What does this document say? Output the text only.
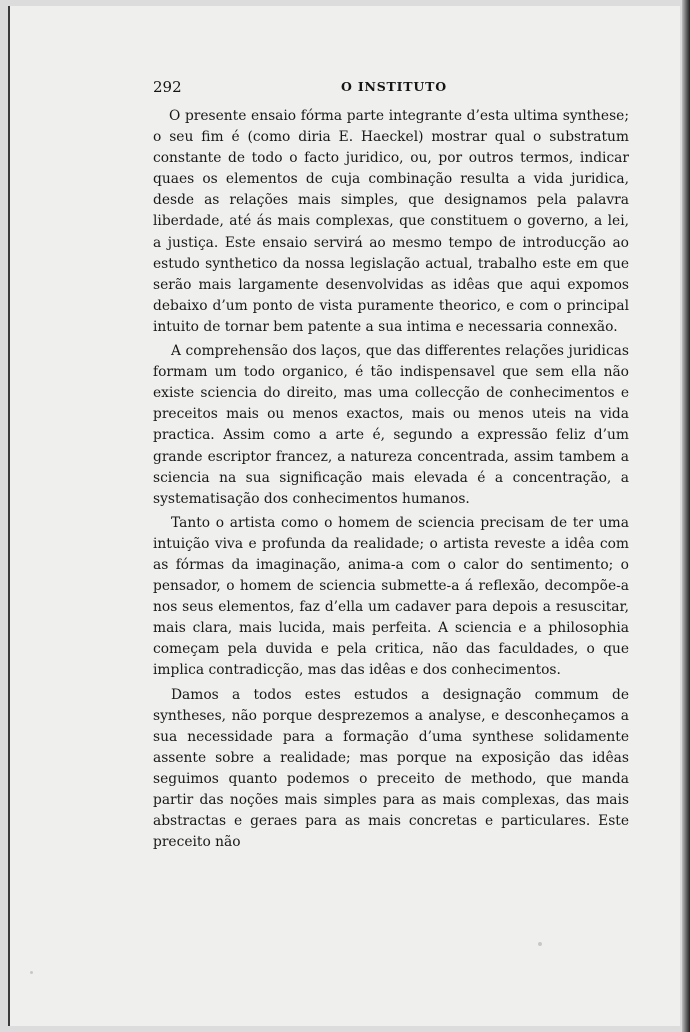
292	O INSTITUTO

O presente ensaio fórma parte integrante d’esta ultima synthese; o seu fim é (como diria E. Haeckel) mostrar qual o substratum constante de todo o facto juridico, ou, por outros termos, indicar quaes os elementos de cuja combinação resulta a vida juridica, desde as relações mais simples, que designamos pela palavra liberdade, até ás mais complexas, que constituem o governo, a lei, a justiça. Este ensaio servirá ao mesmo tempo de introducção ao estudo synthetico da nossa legislação actual, trabalho este em que serão mais largamente desenvolvidas as idêas que aqui expomos debaixo d’um ponto de vista puramente theorico, e com o principal intuito de tornar bem patente a sua intima e necessaria connexão.

A comprehensão dos laços, que das differentes relações juridicas formam um todo organico, é tão indispensavel que sem ella não existe sciencia do direito, mas uma collecção de conhecimentos e preceitos mais ou menos exactos, mais ou menos uteis na vida practica. Assim como a arte é, segundo a expressão feliz d’um grande escriptor francez, a natureza concentrada, assim tambem a sciencia na sua significação mais elevada é a concentração, a systematisação dos conhecimentos humanos.

Tanto o artista como o homem de sciencia precisam de ter uma intuição viva e profunda da realidade; o artista reveste a idêa com as fórmas da imaginação, anima-a com o calor do sentimento; o pensador, o homem de sciencia submette-a á reflexão, decompõe-a nos seus elementos, faz d’ella um cadaver para depois a resuscitar, mais clara, mais lucida, mais perfeita. A sciencia e a philosophia começam pela duvida e pela critica, não das faculdades, o que implica contradicção, mas das idêas e dos conhecimentos.

Damos a todos estes estudos a designação commum de syntheses, não porque desprezemos a analyse, e desconheçamos a sua necessidade para a formação d’uma synthese solidamente assente sobre a realidade; mas porque na exposição das idêas seguimos quanto podemos o preceito de methodo, que manda partir das noções mais simples para as mais complexas, das mais abstractas e geraes para as mais concretas e particulares. Este preceito não
